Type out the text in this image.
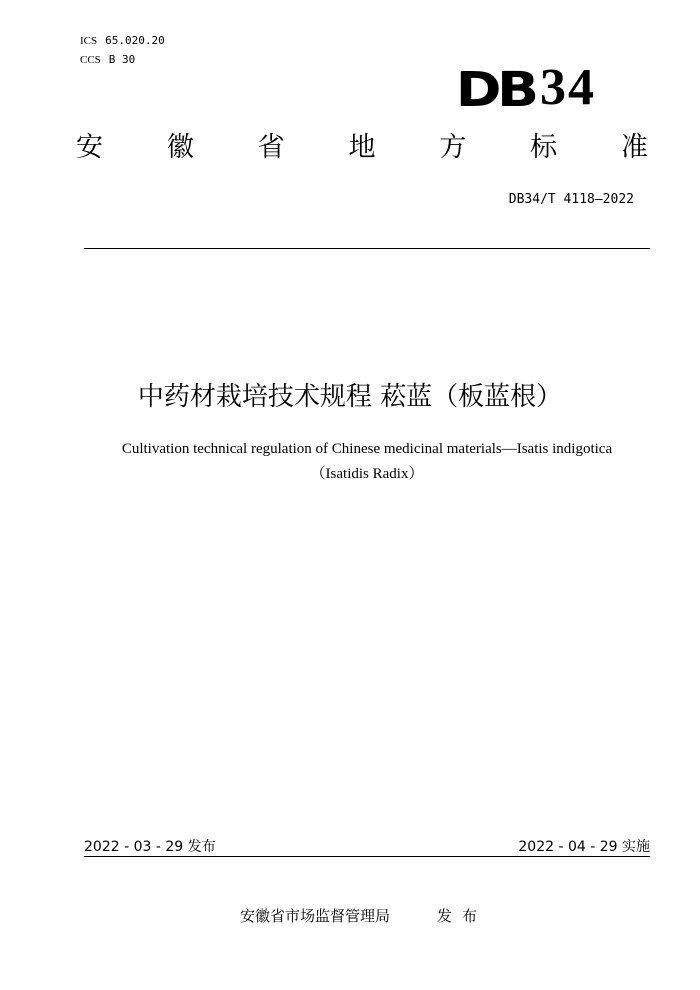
ICS 65.020.20
CCS B 30
DB 34
安 徽 省 地 方 标 准
DB34/T 4118—2022
中药材栽培技术规程 菘蓝（板蓝根）
Cultivation technical regulation of Chinese medicinal materials—Isatis indigotica
（Isatidis Radix）
2022 - 03 - 29 发布	2022 - 04 - 29 实施
安徽省市场监督管理局	发布
